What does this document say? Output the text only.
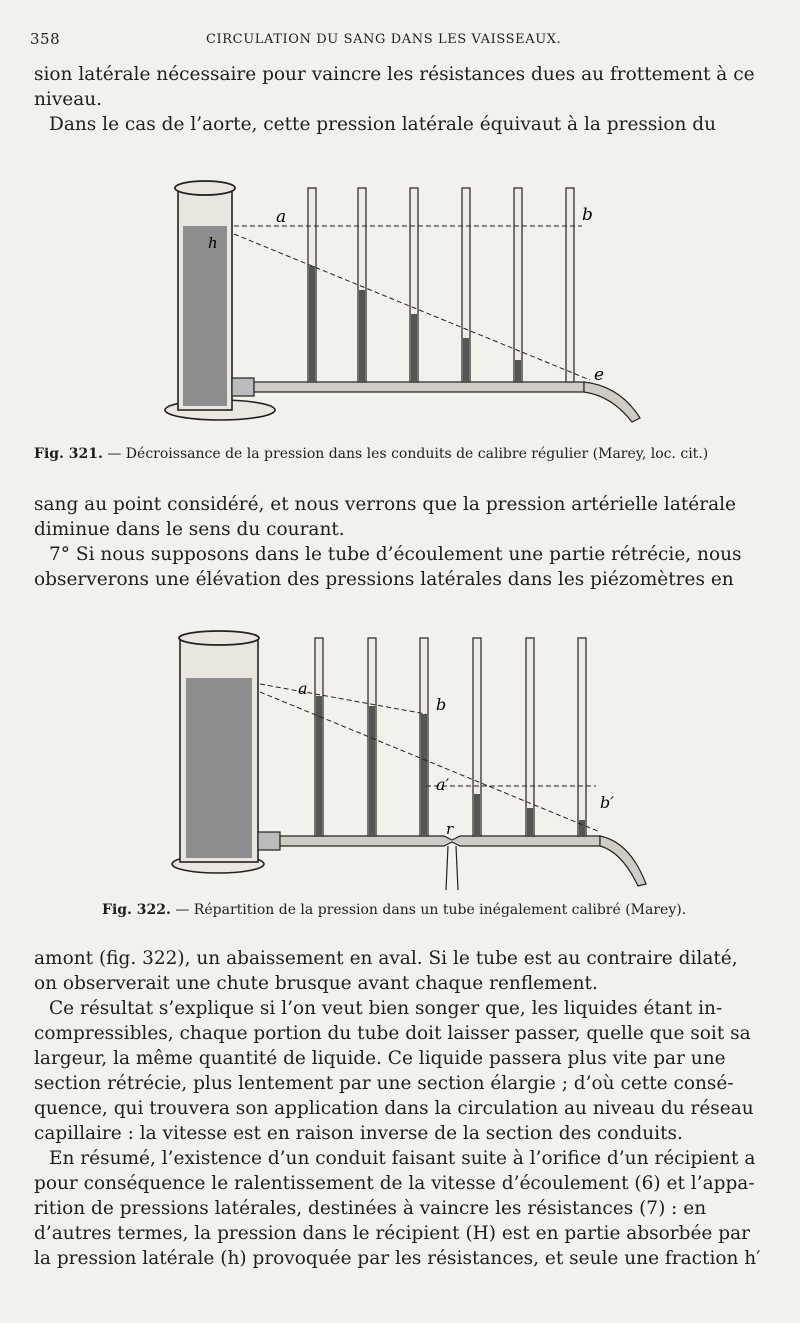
358	CIRCULATION DU SANG DANS LES VAISSEAUX.
sion latérale nécessaire pour vaincre les résistances dues au frottement à ce
niveau.
Dans le cas de l’aorte, cette pression latérale équivaut à la pression du
a	b
h
e
Fig. 321. — Décroissance de la pression dans les conduits de calibre régulier (Marey, loc. cit.)
sang au point considéré, et nous verrons que la pression artérielle latérale
diminue dans le sens du courant.
7° Si nous supposons dans le tube d’écoulement une partie rétrécie, nous
observerons une élévation des pressions latérales dans les piézomètres en
a
b
a′
b′
r
Fig. 322. — Répartition de la pression dans un tube inégalement calibré (Marey).
amont (fig. 322), un abaissement en aval. Si le tube est au contraire dilaté,
on observerait une chute brusque avant chaque renflement.
Ce résultat s’explique si l’on veut bien songer que, les liquides étant in-
compressibles, chaque portion du tube doit laisser passer, quelle que soit sa
largeur, la même quantité de liquide. Ce liquide passera plus vite par une
section rétrécie, plus lentement par une section élargie ; d’où cette consé-
quence, qui trouvera son application dans la circulation au niveau du réseau
capillaire : la vitesse est en raison inverse de la section des conduits.
En résumé, l’existence d’un conduit faisant suite à l’orifice d’un récipient a
pour conséquence le ralentissement de la vitesse d’écoulement (6) et l’appa-
rition de pressions latérales, destinées à vaincre les résistances (7) : en
d’autres termes, la pression dans le récipient (H) est en partie absorbée par
la pression latérale (h) provoquée par les résistances, et seule une fraction h′
